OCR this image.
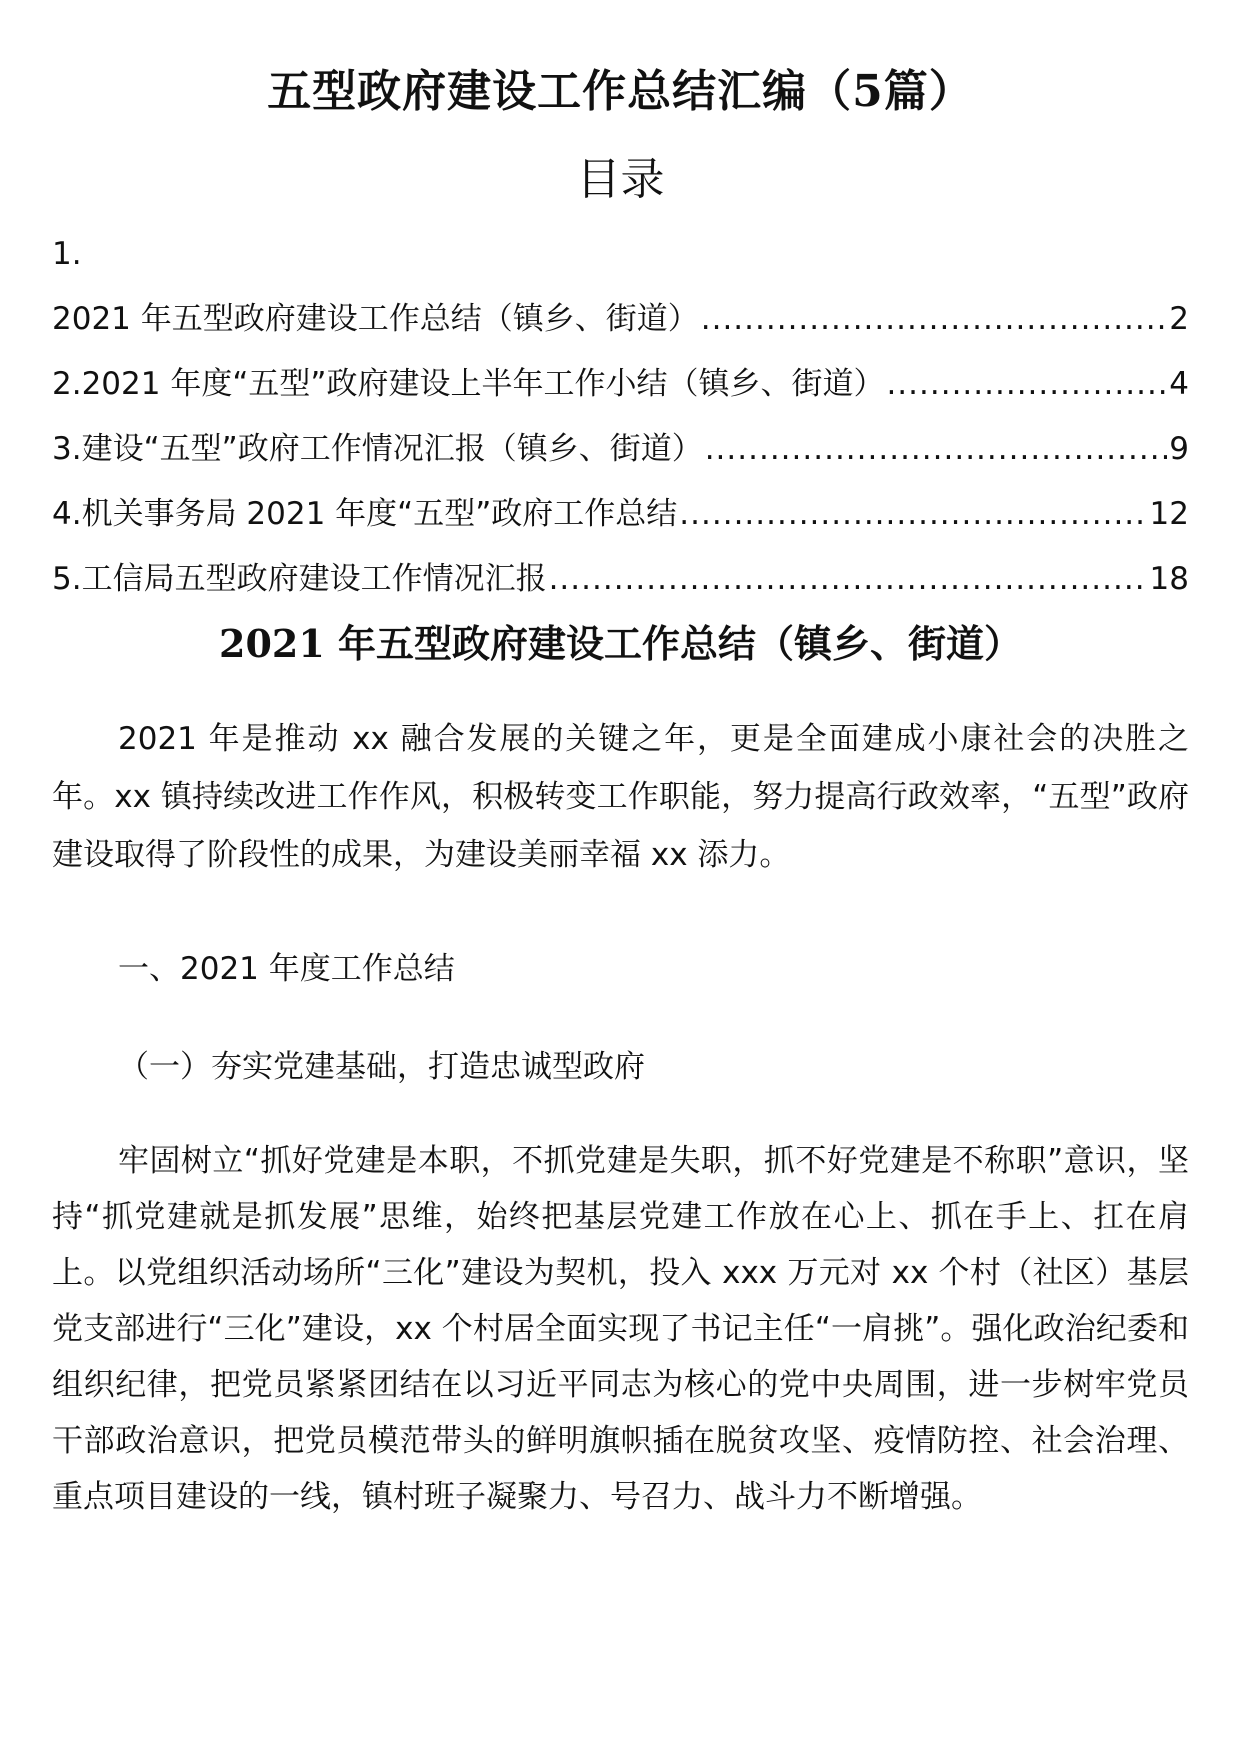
五型政府建设工作总结汇编（5篇）
目录
1.
2021 年五型政府建设工作总结（镇乡、街道） .....	2
2.2021 年度“五型”政府建设上半年工作小结（镇乡、街道） .....	4
3.建设“五型”政府工作情况汇报（镇乡、街道） .....	9
4.机关事务局 2021 年度“五型”政府工作总结 .....	12
5.工信局五型政府建设工作情况汇报 .....	18
2021 年五型政府建设工作总结（镇乡、街道）

2021 年是推动 xx 融合发展的关键之年，更是全面建成小康社会的决胜之年。xx 镇持续改进工作作风，积极转变工作职能，努力提高行政效率，“五型”政府建设取得了阶段性的成果，为建设美丽幸福 xx 添力。

一、2021 年度工作总结

（一）夯实党建基础，打造忠诚型政府

牢固树立“抓好党建是本职，不抓党建是失职，抓不好党建是不称职”意识，坚持“抓党建就是抓发展”思维，始终把基层党建工作放在心上、抓在手上、扛在肩上。以党组织活动场所“三化”建设为契机，投入 xxx 万元对 xx 个村（社区）基层党支部进行“三化”建设，xx 个村居全面实现了书记主任“一肩挑”。强化政治纪委和组织纪律，把党员紧紧团结在以习近平同志为核心的党中央周围，进一步树牢党员干部政治意识，把党员模范带头的鲜明旗帜插在脱贫攻坚、疫情防控、社会治理、重点项目建设的一线，镇村班子凝聚力、号召力、战斗力不断增强。
